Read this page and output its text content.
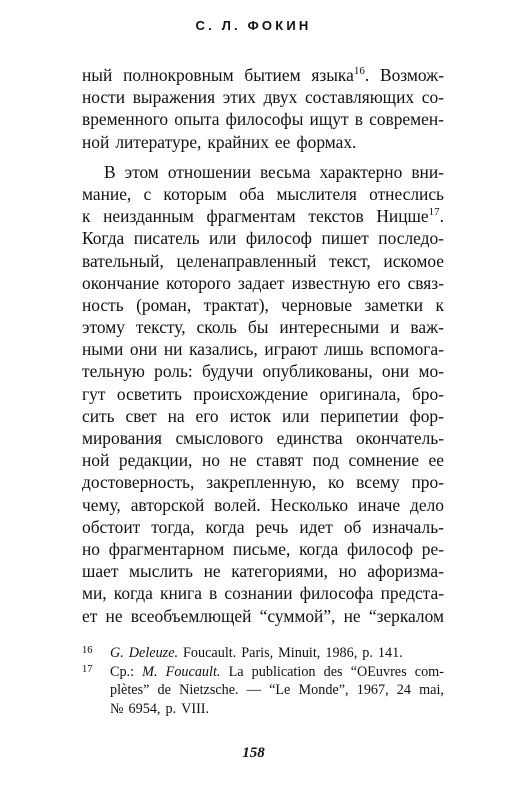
С. Л. ФОКИН
ный полнокровным бытием языка$^{16}$. Возмож-
ности выражения этих двух составляющих со-
временного опыта философы ищут в современ-
ной литературе, крайних ее формах.
В этом отношении весьма характерно вни-
мание, с которым оба мыслителя отнеслись
к неизданным фрагментам текстов Ницше$^{17}$.
Когда писатель или философ пишет последо-
вательный, целенаправленный текст, искомое
окончание которого задает известную его связ-
ность (роман, трактат), черновые заметки к
этому тексту, сколь бы интересными и важ-
ными они ни казались, играют лишь вспомога-
тельную роль: будучи опубликованы, они мо-
гут осветить происхождение оригинала, бро-
сить свет на его исток или перипетии фор-
мирования смыслового единства окончатель-
ной редакции, но не ставят под сомнение ее
достоверность, закрепленную, ко всему про-
чему, авторской волей. Несколько иначе дело
обстоит тогда, когда речь идет об изначаль-
но фрагментарном письме, когда философ ре-
шает мыслить не категориями, но афоризма-
ми, когда книга в сознании философа предста-
ет не всеобъемлющей “суммой”, не “зеркалом
16 G. Deleuze. Foucault. Paris, Minuit, 1986, p. 141.
17 Cp.: M. Foucault. La publication des “OEuvres com-
plètes” de Nietzsche. — “Le Monde”, 1967, 24 mai,
№ 6954, p. VIII.
158
